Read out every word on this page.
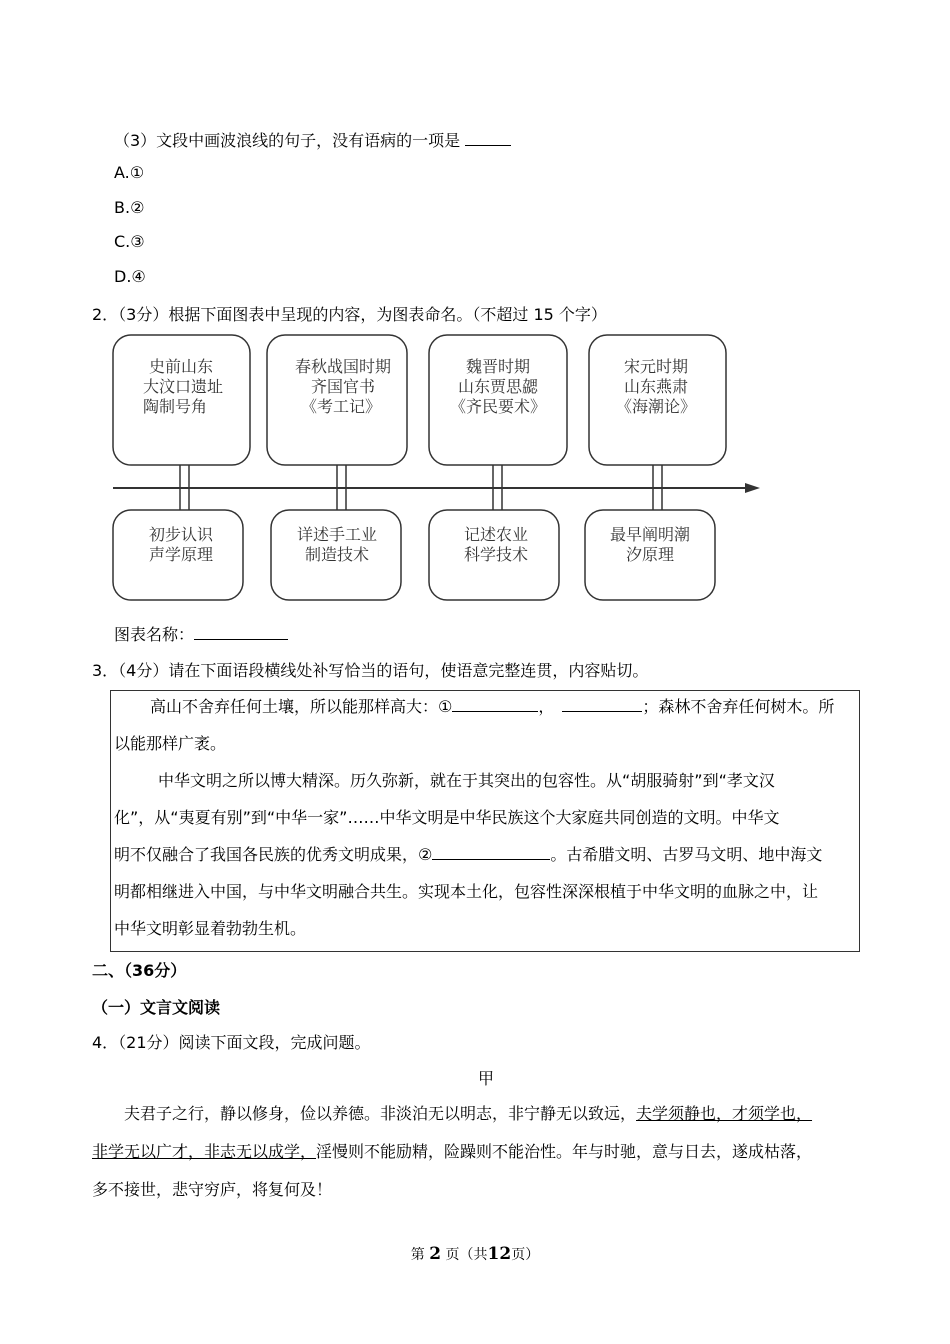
（3）文段中画波浪线的句子，没有语病的一项是
A.①
B.②
C.③
D.④
2．（3分）根据下面图表中呈现的内容，为图表命名。（不超过 15 个字）
史前山东
大汶口遗址
陶制号角
春秋战国时期
齐国官书
《考工记》
魏晋时期
山东贾思勰
《齐民要术》
宋元时期
山东燕肃
《海潮论》
初步认识
声学原理
详述手工业
制造技术
记述农业
科学技术
最早阐明潮
汐原理
图表名称：
3．（4分）请在下面语段横线处补写恰当的语句，使语意完整连贯，内容贴切。
高山不舍弃任何土壤，所以能那样高大：①	，	；森林不舍弃任何树木。所
以能那样广袤。
中华文明之所以博大精深。历久弥新，就在于其突出的包容性。从“胡服骑射”到“孝文汉
化”，从“夷夏有别”到“中华一家”……中华文明是中华民族这个大家庭共同创造的文明。中华文
明不仅融合了我国各民族的优秀文明成果，②	。古希腊文明、古罗马文明、地中海文
明都相继进入中国，与中华文明融合共生。实现本土化，包容性深深根植于中华文明的血脉之中，让
中华文明彰显着勃勃生机。
二、（36分）
（一）文言文阅读
4．（21分）阅读下面文段，完成问题。
甲
夫君子之行，静以修身，俭以养德。非淡泊无以明志，非宁静无以致远，夫学须静也，才须学也，
非学无以广才，非志无以成学，淫慢则不能励精，险躁则不能治性。年与时驰，意与日去，遂成枯落，
多不接世，悲守穷庐，将复何及！
第 2 页（共12页）
